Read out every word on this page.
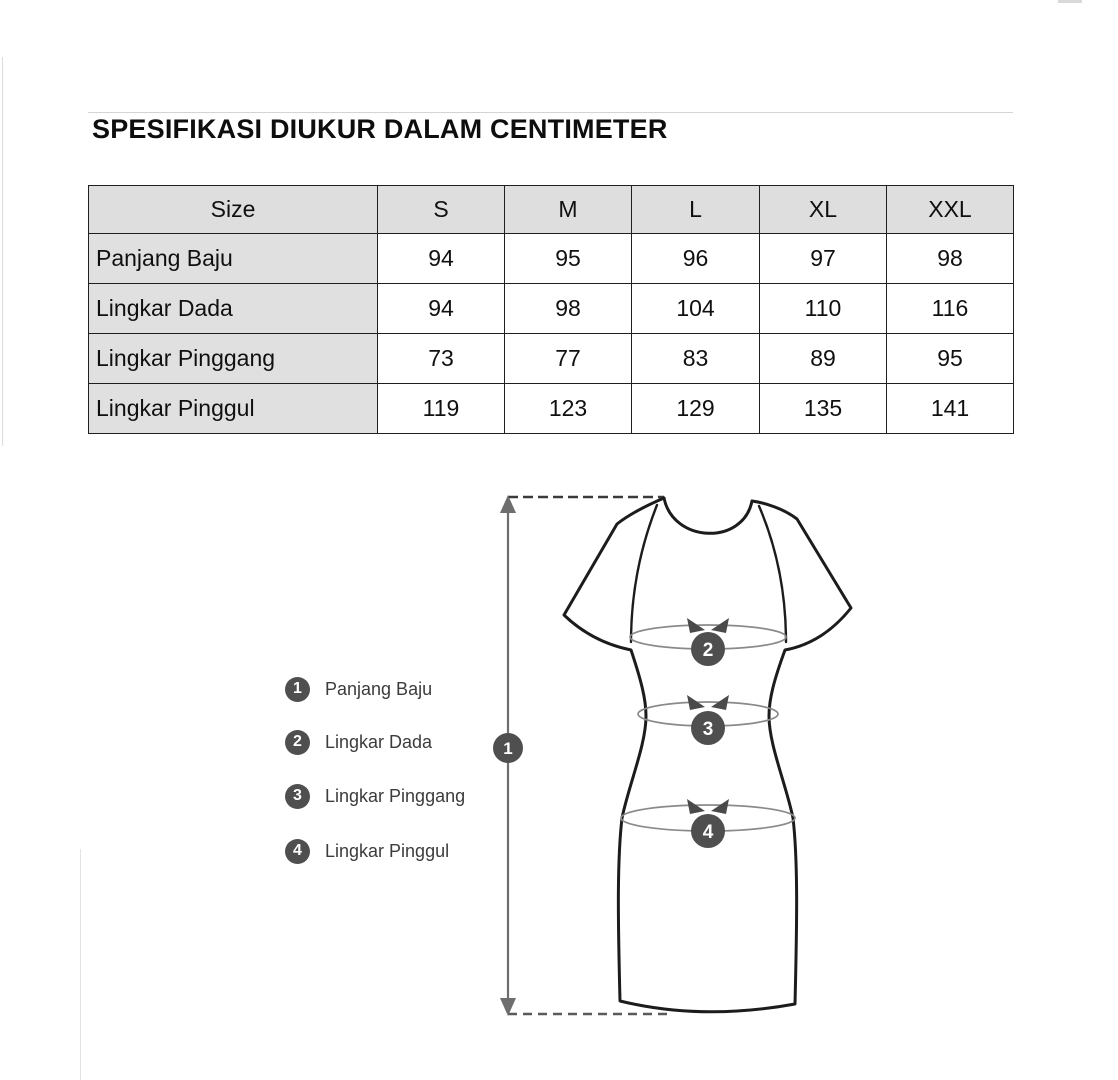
SPESIFIKASI DIUKUR DALAM CENTIMETER
Size	S	M	L	XL	XXL
Panjang Baju	94	95	96	97	98
Lingkar Dada	94	98	104	110	116
Lingkar Pinggang	73	77	83	89	95
Lingkar Pinggul	119	123	129	135	141
1	Panjang Baju
2	Lingkar Dada
3	Lingkar Pinggang
4	Lingkar Pinggul
2
3
4
1
